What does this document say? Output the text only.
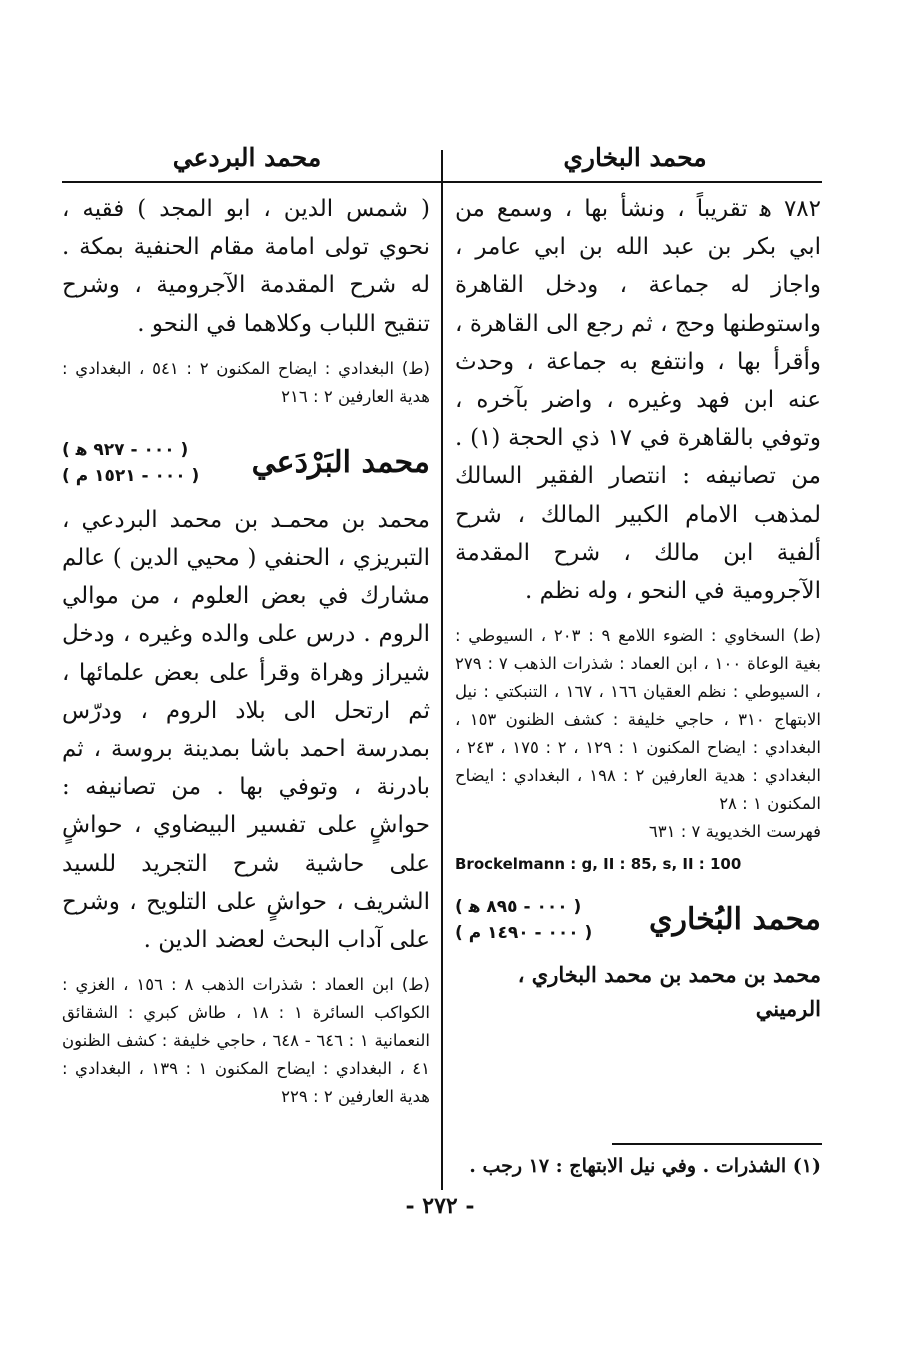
محمد البخاري
محمد البردعي

٧٨٢ ﻫ تقريباً ، ونشأ بها ، وسمع من ابي بكر بن عبد الله بن ابي عامر ، واجاز له جماعة ، ودخل القاهرة واستوطنها وحج ، ثم رجع الى القاهرة ، وأقرأ بها ، وانتفع به جماعة ، وحدث عنه ابن فهد وغيره ، واضر بآخره ، وتوفي بالقاهرة في ١٧ ذي الحجة (١) . من تصانيفه : انتصار الفقير السالك لمذهب الامام الكبير المالك ، شرح ألفية ابن مالك ، شرح المقدمة الآجرومية في النحو ، وله نظم .

(ط) السخاوي : الضوء اللامع ٩ : ٢٠٣ ، السيوطي : بغية الوعاة ١٠٠ ، ابن العماد : شذرات الذهب ٧ : ٢٧٩ ، السيوطي : نظم العقيان ١٦٦ ، ١٦٧ ، التنبكتي : نيل الابتهاج ٣١٠ ، حاجي خليفة : كشف الظنون ١٥٣ ، البغدادي : ايضاح المكنون ١ : ١٢٩ ، ٢ : ١٧٥ ، ٢٤٣ ، البغدادي : هدية العارفين ٢ : ١٩٨ ، البغدادي : ايضاح المكنون ١ : ٢٨

فهرست الخديوية ٧ : ٦٣١

Brockelmann : g, II : 85, s, II : 100

محمد البُخاري
( ٠٠٠ - ٨٩٥ ﻫ )
( ٠٠٠ - ١٤٩٠ م )

محمد بن محمد بن محمد البخاري ، الرميني

( شمس الدين ، ابو المجد ) فقيه ، نحوي تولى امامة مقام الحنفية بمكة . له شرح المقدمة الآجرومية ، وشرح تنقيح اللباب وكلاهما في النحو .

(ط) البغدادي : ايضاح المكنون ٢ : ٥٤١ ، البغدادي : هدية العارفين ٢ : ٢١٦

محمد البَرْدَعي
( ٠٠٠ - ٩٢٧ ﻫ )
( ٠٠٠ - ١٥٢١ م )

محمد بن محمـد بن محمد البردعي ، التبريزي ، الحنفي ( محيي الدين ) عالم مشارك في بعض العلوم ، من موالي الروم . درس على والده وغيره ، ودخل شيراز وهراة وقرأ على بعض علمائها ، ثم ارتحل الى بلاد الروم ، ودرّس بمدرسة احمد باشا بمدينة بروسة ، ثم بادرنة ، وتوفي بها . من تصانيفه : حواشٍ على تفسير البيضاوي ، حواشٍ على حاشية شرح التجريد للسيد الشريف ، حواشٍ على التلويح ، وشرح على آداب البحث لعضد الدين .

(ط) ابن العماد : شذرات الذهب ٨ : ١٥٦ ، الغزي : الكواكب السائرة ١ : ١٨ ، طاش كبري : الشقائق النعمانية ١ : ٦٤٦ - ٦٤٨ ، حاجي خليفة : كشف الظنون ٤١ ، البغدادي : ايضاح المكنون ١ : ١٣٩ ، البغدادي : هدية العارفين ٢ : ٢٢٩

(١) الشذرات . وفي نيل الابتهاج : ١٧ رجب .
- ٢٧٢ -
